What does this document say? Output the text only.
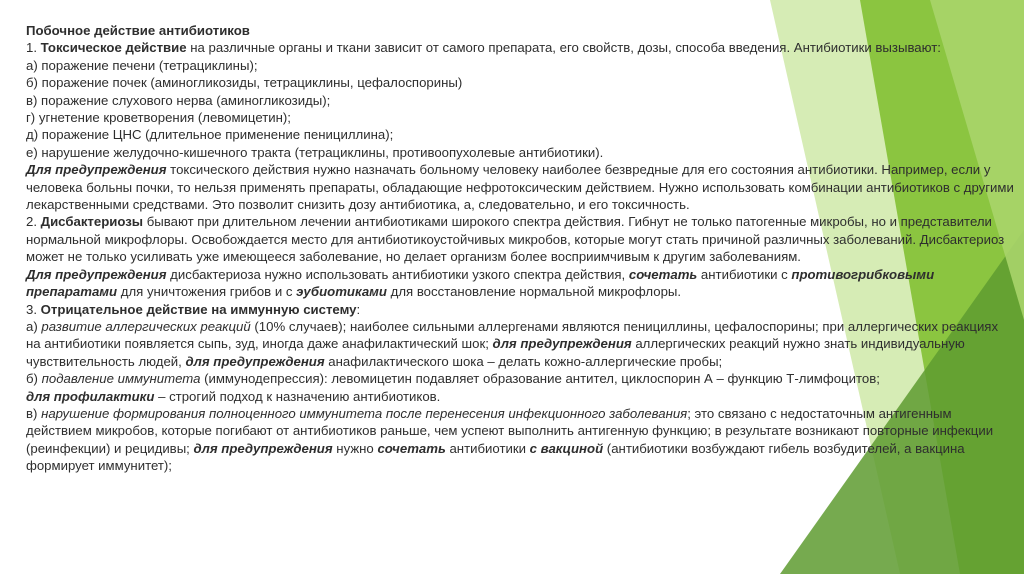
Побочное действие антибиотиков

1. Токсическое действие на различные органы и ткани зависит от самого препарата, его свойств, дозы, способа введения. Антибиотики вызывают:

а) поражение печени (тетрациклины);

б) поражение почек (аминогликозиды, тетрациклины, цефалоспорины)

в) поражение слухового нерва (аминогликозиды);

г) угнетение кроветворения (левомицетин);

д) поражение ЦНС (длительное применение пенициллина);

е) нарушение желудочно-кишечного тракта (тетрациклины, противоопухолевые антибиотики).

Для предупреждения токсического действия нужно назначать больному человеку наиболее безвредные для его состояния антибиотики. Например, если у человека больны почки, то нельзя применять препараты, обладающие нефротоксическим действием. Нужно использовать комбинации антибиотиков с другими лекарственными средствами. Это позволит снизить дозу антибиотика, а, следовательно, и его токсичность.

2. Дисбактериозы бывают при длительном лечении антибиотиками широкого спектра действия. Гибнут не только патогенные микробы, но и представители нормальной микрофлоры. Освобождается место для антибиотикоустойчивых микробов, которые могут стать причиной различных заболеваний. Дисбактериоз может не только усиливать уже имеющееся заболевание, но делает организм более восприимчивым к другим заболеваниям.

Для предупреждения дисбактериоза нужно использовать антибиотики узкого спектра действия, сочетать антибиотики с противогрибковыми препаратами для уничтожения грибов и с эубиотиками для восстановление нормальной микрофлоры.

3. Отрицательное действие на иммунную систему:

а) развитие аллергических реакций (10% случаев); наиболее сильными аллергенами являются пенициллины, цефалоспорины; при аллергических реакциях на антибиотики появляется сыпь, зуд, иногда даже анафилактический шок; для предупреждения аллергических реакций нужно знать индивидуальную чувствительность людей, для предупреждения анафилактического шока – делать кожно-аллергические пробы;

б) подавление иммунитета (иммунодепрессия): левомицетин подавляет образование антител, циклоспорин А – функцию Т-лимфоцитов;

для профилактики – строгий подход к назначению антибиотиков.

в) нарушение формирования полноценного иммунитета после перенесения инфекционного заболевания; это связано с недостаточным антигенным действием микробов, которые погибают от антибиотиков раньше, чем успеют выполнить антигенную функцию; в результате возникают повторные инфекции (реинфекции) и рецидивы; для предупреждения нужно сочетать антибиотики с вакциной (антибиотики возбуждают гибель возбудителей, а вакцина формирует иммунитет);
